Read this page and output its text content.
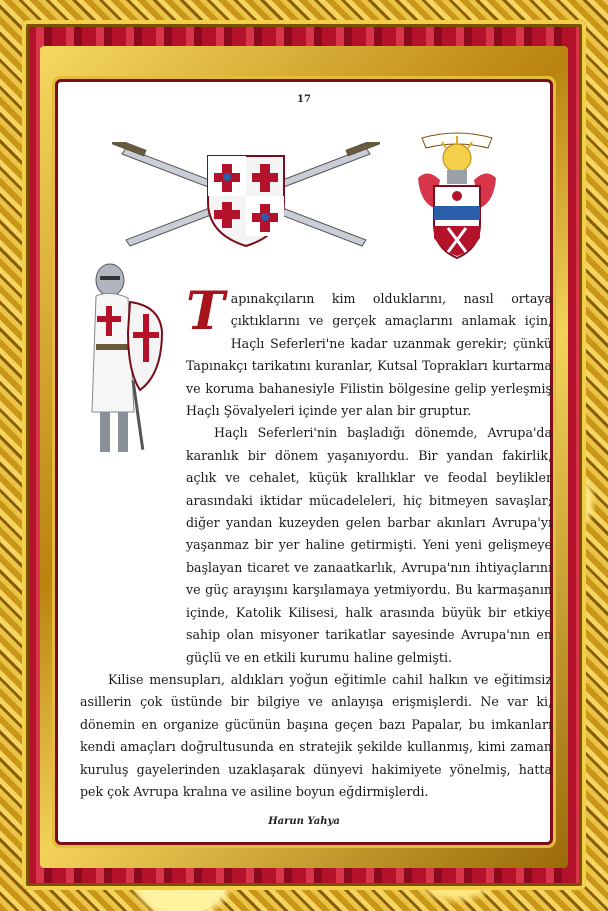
17

Tapınakçıların kim olduklarını, nasıl ortaya çıktıklarını ve gerçek amaçlarını anlamak için, Haçlı Seferleri'ne kadar uzanmak gerekir; çünkü Tapınakçı tarikatını kuranlar, Kutsal Toprakları kurtarma ve koruma bahanesiyle Filistin bölgesine gelip yerleşmiş Haçlı Şövalyeleri içinde yer alan bir gruptur.

Haçlı Seferleri'nin başladığı dönemde, Avrupa'da karanlık bir dönem yaşanıyordu. Bir yandan fakirlik, açlık ve cehalet, küçük krallıklar ve feodal beylikler arasındaki iktidar mücadeleleri, hiç bitmeyen savaşlar; diğer yandan kuzeyden gelen barbar akınları Avrupa'yı yaşanmaz bir yer haline getirmişti. Yeni yeni gelişmeye başlayan ticaret ve zanaatkarlık, Avrupa'nın ihtiyaçlarını ve güç arayışını karşılamaya yetmiyordu. Bu karmaşanın içinde, Katolik Kilisesi, halk arasında büyük bir etkiye sahip olan misyoner tarikatlar sayesinde Avrupa'nın en güçlü ve en etkili kurumu haline gelmişti.

Kilise mensupları, aldıkları yoğun eğitimle cahil halkın ve eğitimsiz asillerin çok üstünde bir bilgiye ve anlayışa erişmişlerdi. Ne var ki, dönemin en organize gücünün başına geçen bazı Papalar, bu imkanları kendi amaçları doğrultusunda en stratejik şekilde kullanmış, kimi zaman kuruluş gayelerinden uzaklaşarak dünyevi hakimiyete yönelmiş, hatta pek çok Avrupa kralına ve asiline boyun eğdirmişlerdi.

Harun Yahya
